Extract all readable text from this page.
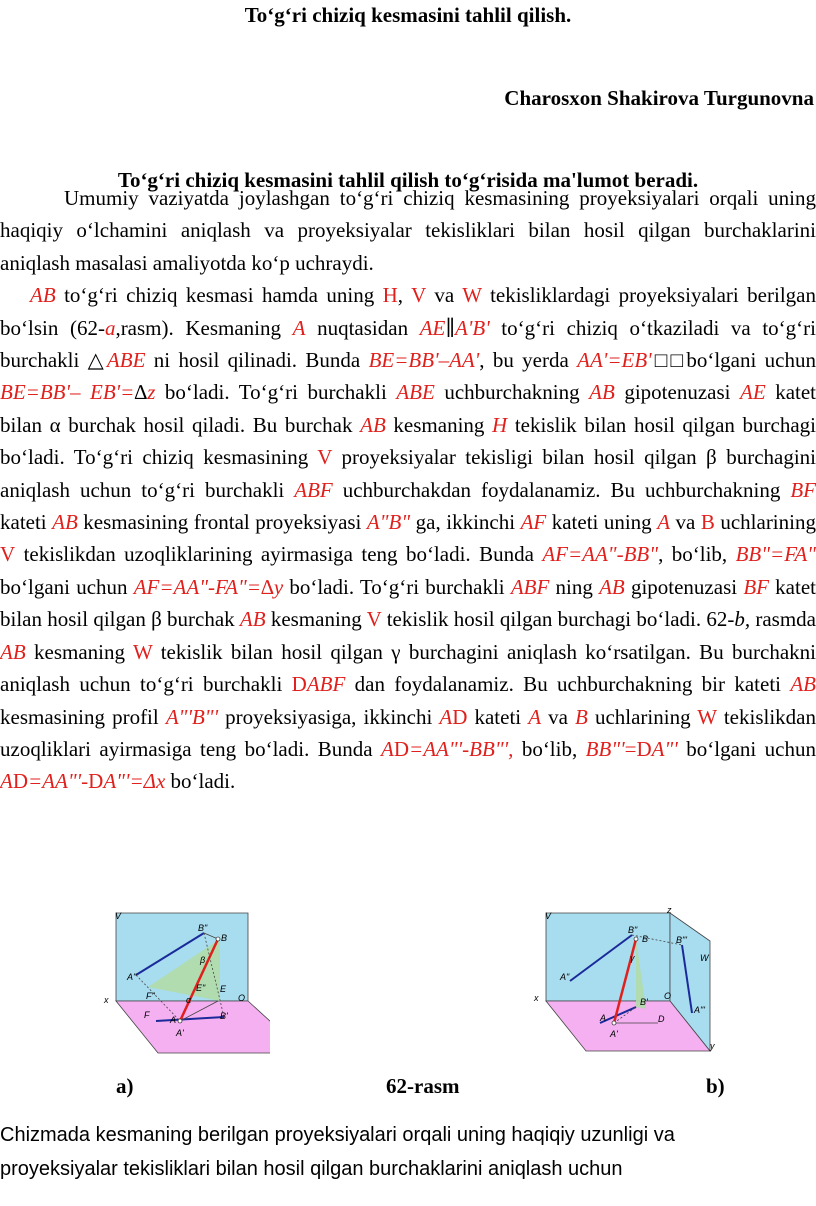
To‘g‘ri chiziq kesmasini tahlil qilish.
Charosxon Shakirova Turgunovna
To‘g‘ri chiziq kesmasini tahlil qilish to‘g‘risida ma'lumot beradi.

Umumiy vaziyatda joylashgan to‘g‘ri chiziq kesmasining proyeksiyalari orqali uning haqiqiy o‘lchamini aniqlash va proyeksiyalar tekisliklari bilan hosil qilgan burchaklarini aniqlash masalasi amaliyotda ko‘p uchraydi.

AB to‘g‘ri chiziq kesmasi hamda uning H, V va W tekisliklardagi proyeksiyalari berilgan bo‘lsin (62-a,rasm). Kesmaning A nuqtasidan AE∥A'B' to‘g‘ri chiziq o‘tkaziladi va to‘g‘ri burchakli △ABE ni hosil qilinadi. Bunda BE=BB'–AA', bu yerda AA'=EB'□□bo‘lgani uchun BE=BB'– EB'=∆z bo‘ladi. To‘g‘ri burchakli ABE uchburchakning AB gipotenuzasi AE katet bilan α burchak hosil qiladi. Bu burchak AB kesmaning H tekislik bilan hosil qilgan burchagi bo‘ladi. To‘g‘ri chiziq kesmasining V proyeksiyalar tekisligi bilan hosil qilgan β burchagini aniqlash uchun to‘g‘ri burchakli ABF uchburchakdan foydalanamiz. Bu uchburchakning BF kateti AB kesmasining frontal proyeksiyasi A"B" ga, ikkinchi AF kateti uning A va B uchlarining V tekislikdan uzoqliklarining ayirmasiga teng bo‘ladi. Bunda AF=AA"-BB", bo‘lib, BB"=FA" bo‘lgani uchun AF=AA"-FA"=∆y bo‘ladi. To‘g‘ri burchakli ABF ning AB gipotenuzasi BF katet bilan hosil qilgan β burchak AB kesmaning V tekislik hosil qilgan burchagi bo‘ladi. 62-b, rasmda AB kesmaning W tekislik bilan hosil qilgan γ burchagini aniqlash ko‘rsatilgan. Bu burchakni aniqlash uchun to‘g‘ri burchakli DABF dan foydalanamiz. Bu uchburchakning bir kateti AB kesmasining profil A"'B"' proyeksiyasiga, ikkinchi AD kateti A va B uchlarining W tekislikdan uzoqliklari ayirmasiga teng bo‘ladi. Bunda AD=AA"'-BB"', bo‘lib, BB"'=DA"' bo‘lgani uchun AD=AA"'-DA"'=Δx bo‘ladi.

V
B"
B
β
A"
x	F"
E" E
O
F
α
A	B'
A'
z
V
B"
B	B"'
W
γ
A"
x	O
A"'
B'
A	D
A'
y
a)	62-rasm	b)

Chizmada kesmaning berilgan proyeksiyalari orqali uning haqiqiy uzunligi va

proyeksiyalar tekisliklari bilan hosil qilgan burchaklarini aniqlash uchun
